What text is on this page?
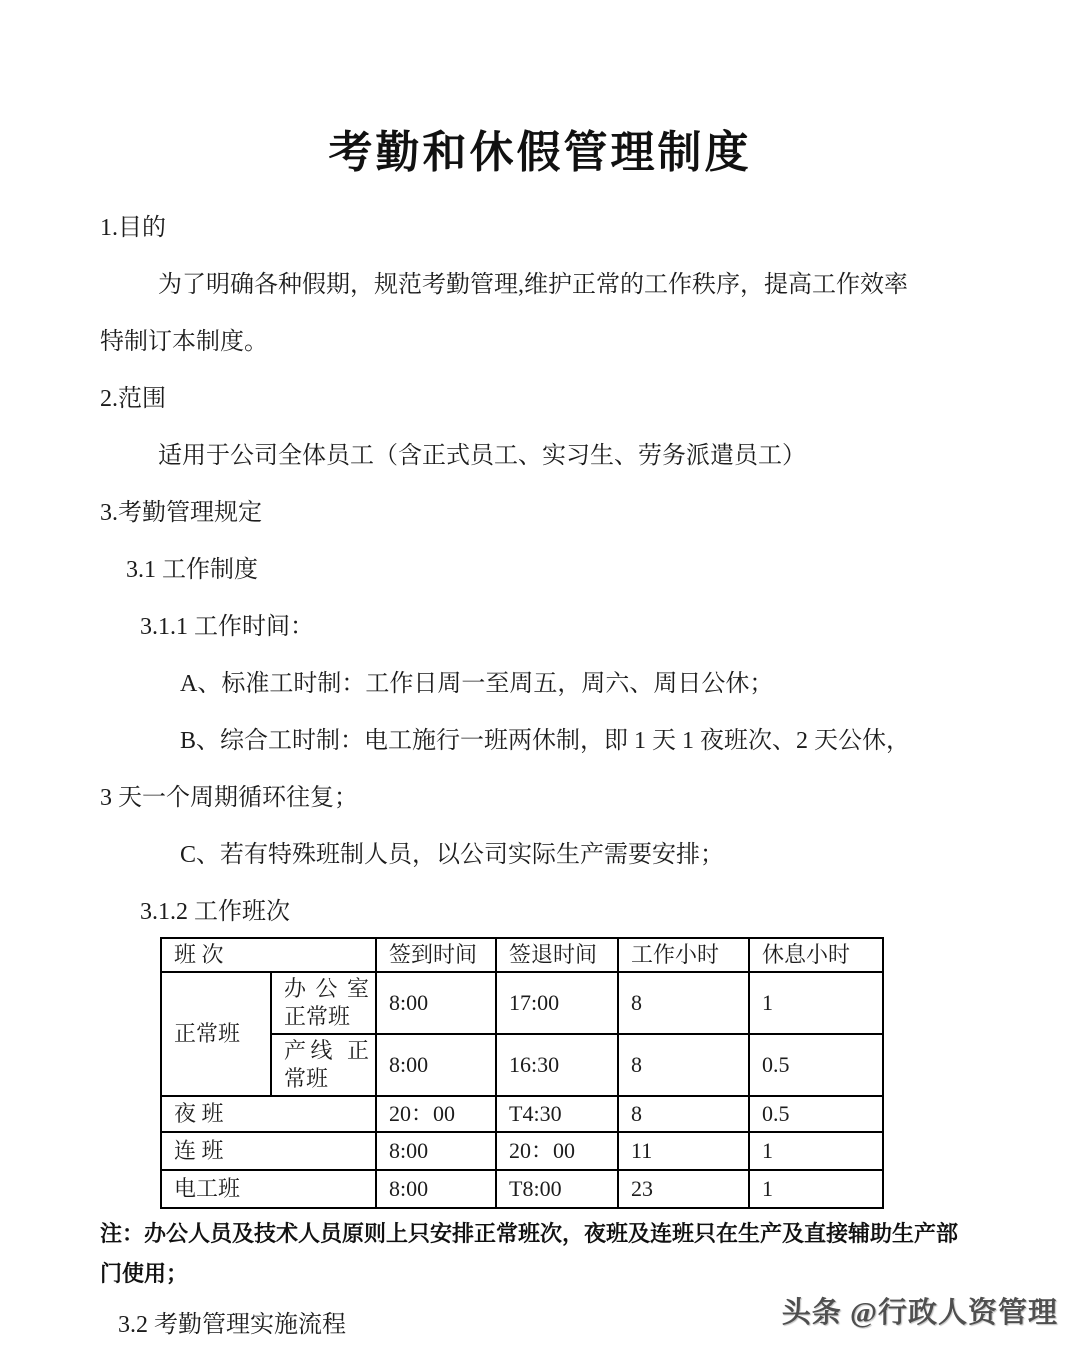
考勤和休假管理制度
1.目的
为了明确各种假期，规范考勤管理,维护正常的工作秩序，提高工作效率
特制订本制度。
2.范围
适用于公司全体员工（含正式员工、实习生、劳务派遣员工）
3.考勤管理规定
3.1 工作制度
3.1.1 工作时间：
A、标准工时制：工作日周一至周五，周六、周日公休；
B、综合工时制：电工施行一班两休制，即 1 天 1 夜班次、2 天公休，
3 天一个周期循环往复；
C、若有特殊班制人员，以公司实际生产需要安排；
3.1.2 工作班次
班 次		签到时间	签退时间	工作小时	休息小时
正常班	办公室正常班	8:00	17:00	8	1
	产线 正常班	8:00	16:30	8	0.5
夜 班		20：00	T4:30	8	0.5
连 班		8:00	20：00	11	1
电工班		8:00	T8:00	23	1
注：办公人员及技术人员原则上只安排正常班次，夜班及连班只在生产及直接辅助生产部
门使用；
3.2 考勤管理实施流程	头条 @行政人资管理
